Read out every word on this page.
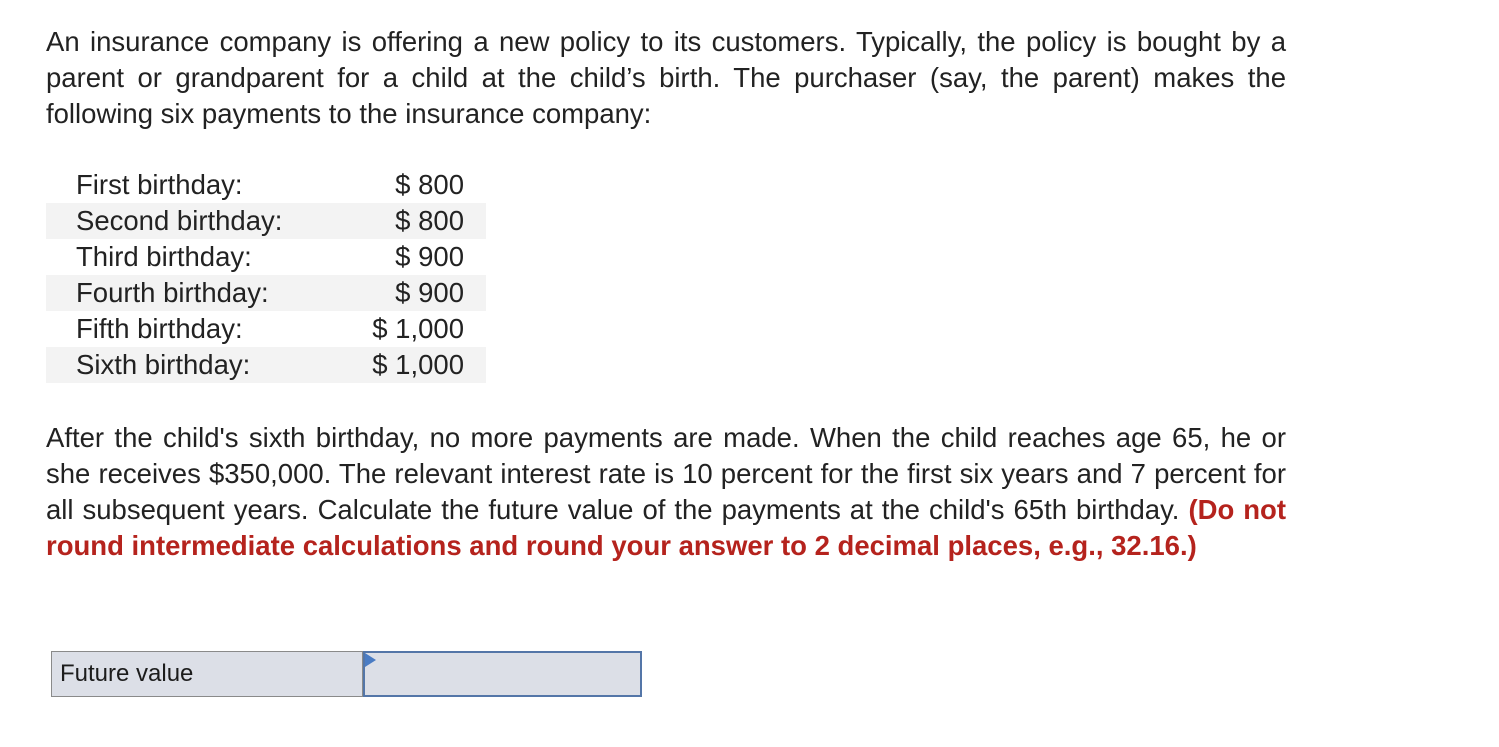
An insurance company is offering a new policy to its customers. Typically, the policy is bought by a parent or grandparent for a child at the child’s birth. The purchaser (say, the parent) makes the following six payments to the insurance company:

First birthday:	$ 800
Second birthday:	$ 800
Third birthday:	$ 900
Fourth birthday:	$ 900
Fifth birthday:	$ 1,000
Sixth birthday:	$ 1,000

After the child's sixth birthday, no more payments are made. When the child reaches age 65, he or she receives $350,000. The relevant interest rate is 10 percent for the first six years and 7 percent for all subsequent years. Calculate the future value of the payments at the child's 65th birthday. (Do not round intermediate calculations and round your answer to 2 decimal places, e.g., 32.16.)

Future value
